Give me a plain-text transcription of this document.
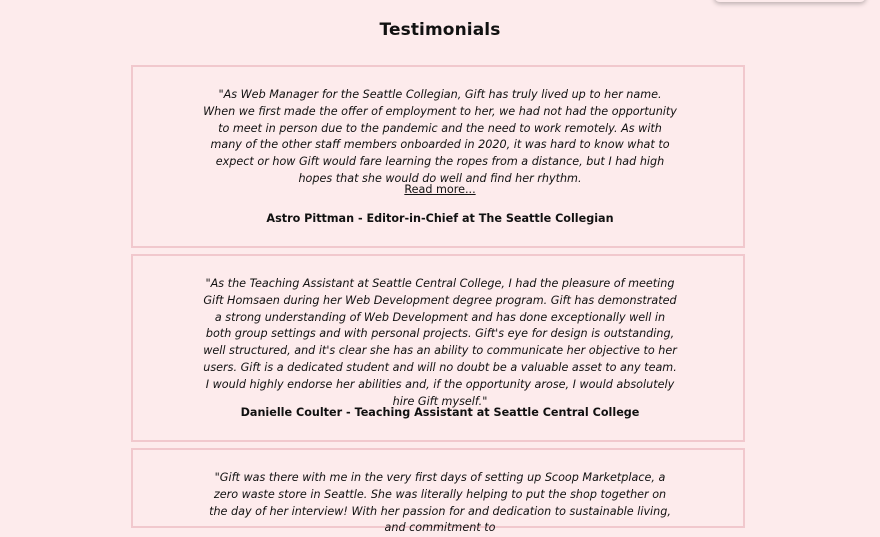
Testimonials

"As Web Manager for the Seattle Collegian, Gift has truly lived up to her name. When we first made the offer of employment to her, we had not had the opportunity to meet in person due to the pandemic and the need to work remotely. As with many of the other staff members onboarded in 2020, it was hard to know what to expect or how Gift would fare learning the ropes from a distance, but I had high hopes that she would do well and find her rhythm.

Read more...
Astro Pittman - Editor-in-Chief at The Seattle Collegian

"As the Teaching Assistant at Seattle Central College, I had the pleasure of meeting Gift Homsaen during her Web Development degree program. Gift has demonstrated a strong understanding of Web Development and has done exceptionally well in both group settings and with personal projects. Gift's eye for design is outstanding, well structured, and it's clear she has an ability to communicate her objective to her users. Gift is a dedicated student and will no doubt be a valuable asset to any team. I would highly endorse her abilities and, if the opportunity arose, I would absolutely hire Gift myself."

Danielle Coulter - Teaching Assistant at Seattle Central College

"Gift was there with me in the very first days of setting up Scoop Marketplace, a zero waste store in Seattle. She was literally helping to put the shop together on the day of her interview! With her passion for and dedication to sustainable living, and commitment to
